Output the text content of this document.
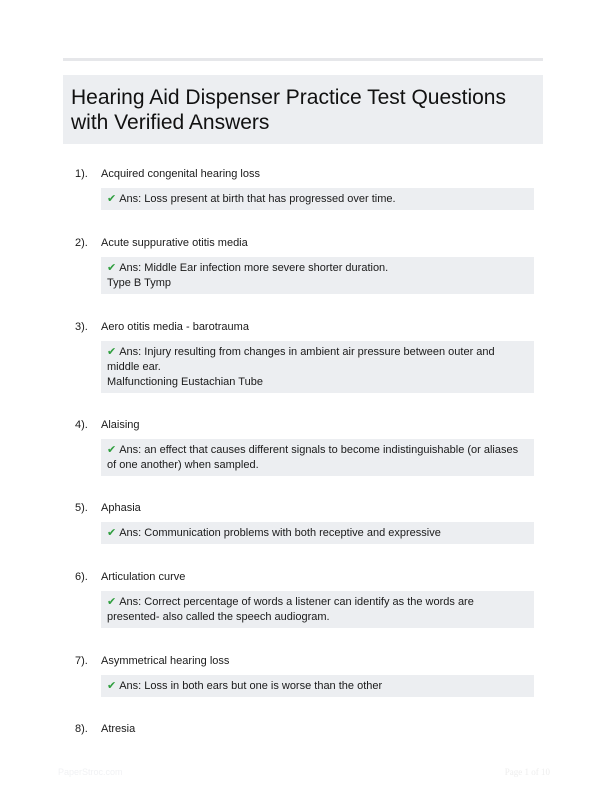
Hearing Aid Dispenser Practice Test Questions with Verified Answers
1). Acquired congenital hearing loss
✔ Ans: Loss present at birth that has progressed over time.
2). Acute suppurative otitis media
✔ Ans: Middle Ear infection more severe shorter duration.
Type B Tymp
3). Aero otitis media - barotrauma
✔ Ans: Injury resulting from changes in ambient air pressure between outer and middle ear.
Malfunctioning Eustachian Tube
4). Alaising
✔ Ans: an effect that causes different signals to become indistinguishable (or aliases of one another) when sampled.
5). Aphasia
✔ Ans: Communication problems with both receptive and expressive
6). Articulation curve
✔ Ans: Correct percentage of words a listener can identify as the words are presented- also called the speech audiogram.
7). Asymmetrical hearing loss
✔ Ans: Loss in both ears but one is worse than the other
8). Atresia
PaperStroc.com	Page 1 of 10
